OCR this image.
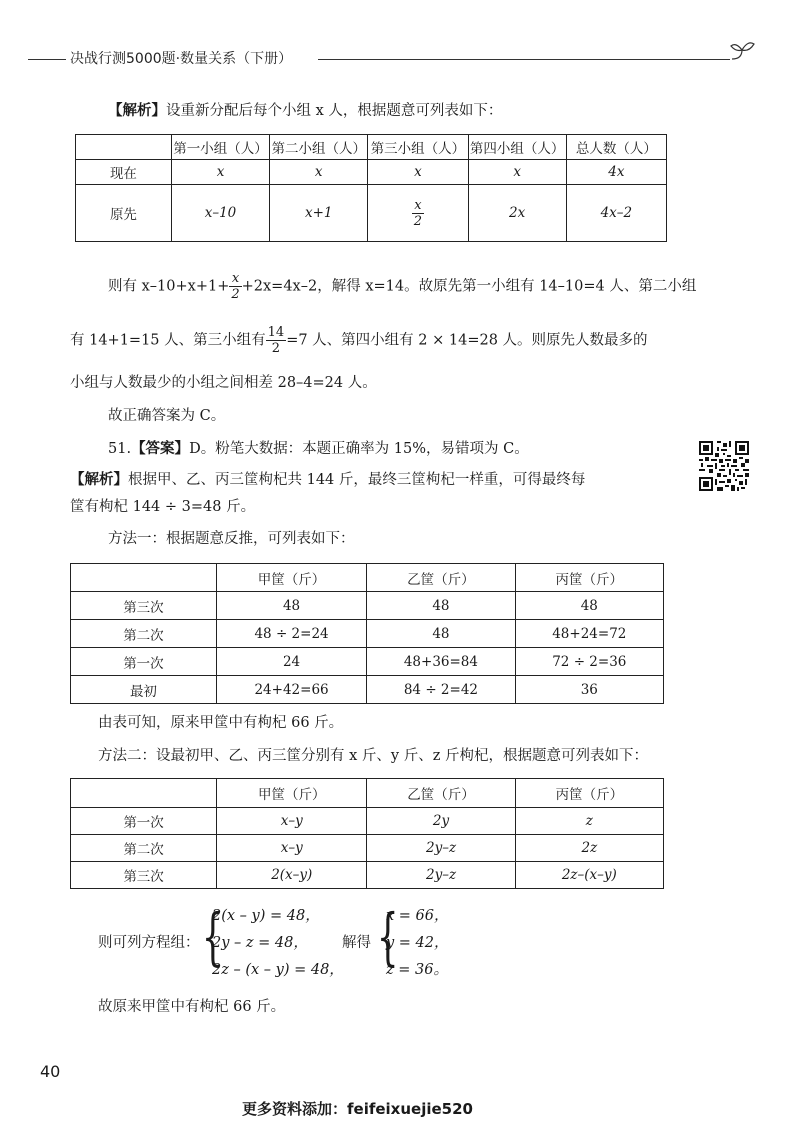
决战行测5000题·数量关系（下册）
【解析】设重新分配后每个小组 x 人，根据题意可列表如下：
	第一小组（人）	第二小组（人）	第三小组（人）	第四小组（人）	总人数（人）
现在	x	x	x	x	4x
原先	x–10	x+1	$\frac{x}{2}$	2x	4x–2
则有 $x-10+x+1+ \frac{x}{2} +2x=4x-2$，解得 x=14。故原先第一小组有 14–10=4 人、第二小组
有 14+1=15 人、第三小组有 $\frac{14}{2} =7$ 人、第四小组有 2 × 14=28 人。则原先人数最多的
小组与人数最少的小组之间相差 28–4=24 人。
故正确答案为 C。
51.【答案】D。粉笔大数据：本题正确率为 15%，易错项为 C。
【解析】根据甲、乙、丙三筐枸杞共 144 斤，最终三筐枸杞一样重，可得最终每
筐有枸杞 144 ÷ 3=48 斤。
方法一：根据题意反推，可列表如下：
	甲筐（斤）	乙筐（斤）	丙筐（斤）
第三次	48	48	48
第二次	48 ÷ 2=24	48	48+24=72
第一次	24	48+36=84	72 ÷ 2=36
最初	24+42=66	84 ÷ 2=42	36
由表可知，原来甲筐中有枸杞 66 斤。
方法二：设最初甲、乙、丙三筐分别有 x 斤、y 斤、z 斤枸杞，根据题意可列表如下：
	甲筐（斤）	乙筐（斤）	丙筐（斤）
第一次	x–y	2y	z
第二次	x–y	2y–z	2z
第三次	2(x–y)	2y–z	2z–(x–y)
则可列方程组： {
2(x – y) = 48，
2y – z = 48，
2z – (x – y) = 48，
解得 {
x = 66，
y = 42，
z = 36。
故原来甲筐中有枸杞 66 斤。
40
更多资料添加：feifeixuejie520
